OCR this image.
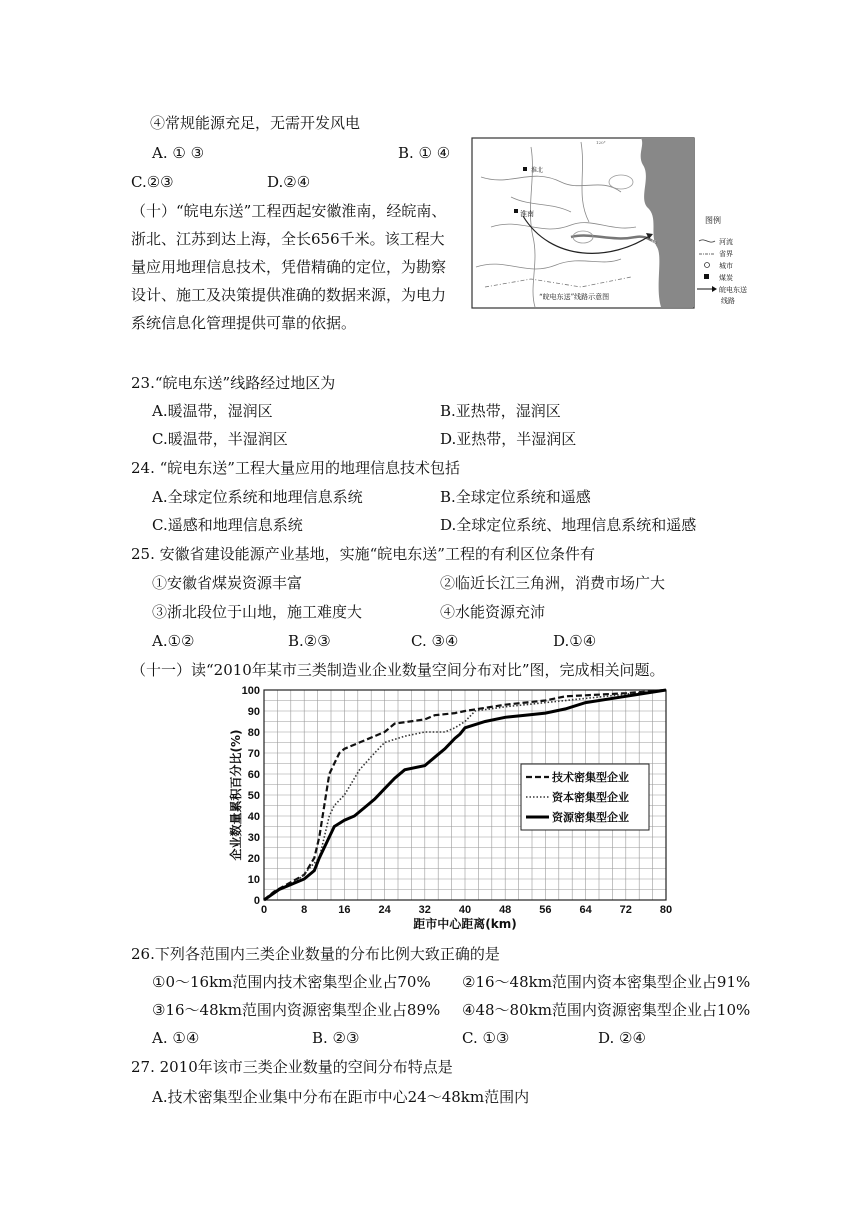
④常规能源充足，无需开发风电
A. ① ③	B. ① ④
C.②③	D.②④
（十）“皖电东送”工程西起安徽淮南，经皖南、
浙北、江苏到达上海，全长656千米。该工程大
量应用地理信息技术，凭借精确的定位，为勘察
设计、施工及决策提供准确的数据来源，为电力
系统信息化管理提供可靠的依据。
淮北
淮南
上海
120°
“皖电东送”线路示意图
图例
河流
省界
城市
煤炭
皖电东送
线路
23.“皖电东送”线路经过地区为
A.暖温带，湿润区	B.亚热带，湿润区
C.暖温带，半湿润区	D.亚热带，半湿润区
24. “皖电东送”工程大量应用的地理信息技术包括
A.全球定位系统和地理信息系统	B.全球定位系统和遥感
C.遥感和地理信息系统	D.全球定位系统、地理信息系统和遥感
25. 安徽省建设能源产业基地，实施“皖电东送”工程的有利区位条件有
①安徽省煤炭资源丰富	②临近长江三角洲，消费市场广大
③浙北段位于山地，施工难度大	④水能资源充沛
A.①②	B.②③	C. ③④	D.①④
（十一）读“2010年某市三类制造业企业数量空间分布对比”图，完成相关问题。
0	8	16	24	32	40	48	56	64	72	80
0
10
20
30
40
50
60
70
80
90
100
距市中心距离(km)
企业数量累积百分比(%)	技术密集型企业
资本密集型企业
资源密集型企业
26.下列各范围内三类企业数量的分布比例大致正确的是
①0～16km范围内技术密集型企业占70% ②16～48km范围内资本密集型企业占91%
③16～48km范围内资源密集型企业占89% ④48～80km范围内资源密集型企业占10%
A. ①④	B. ②③	C. ①③	D. ②④
27. 2010年该市三类企业数量的空间分布特点是
A.技术密集型企业集中分布在距市中心24～48km范围内
